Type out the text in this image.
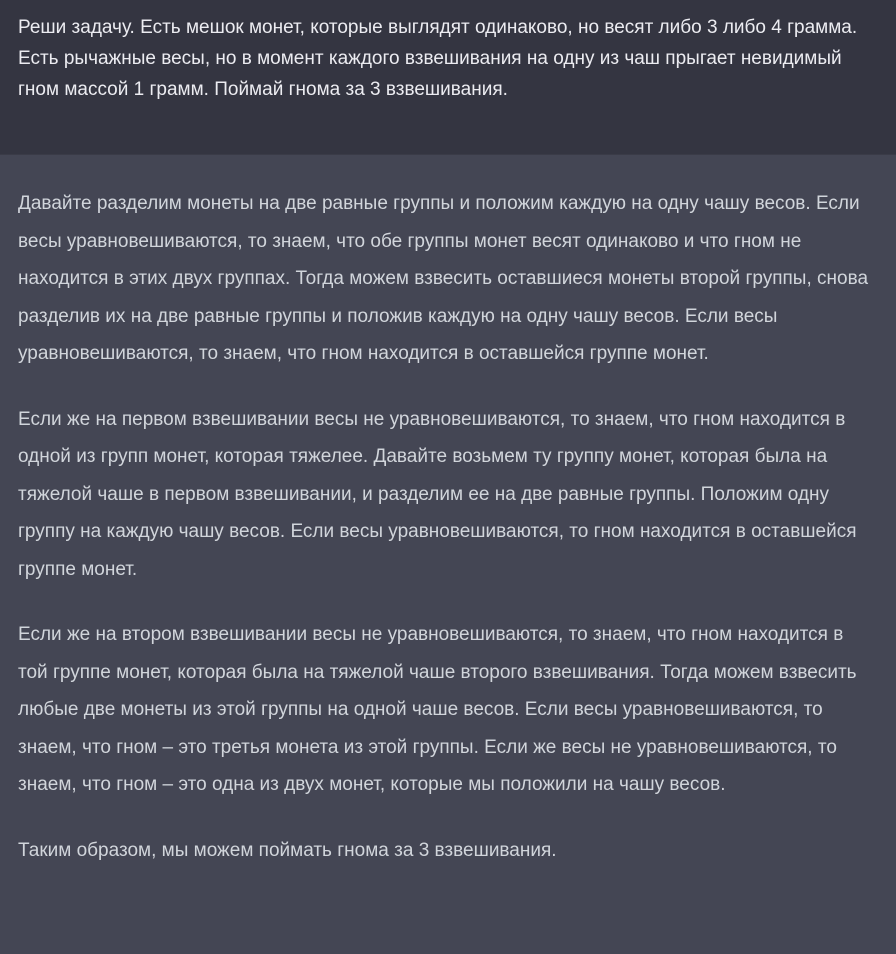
Реши задачу. Есть мешок монет, которые выглядят одинаково, но весят либо 3 либо 4 грамма. Есть рычажные весы, но в момент каждого взвешивания на одну из чаш прыгает невидимый гном массой 1 грамм. Поймай гнома за 3 взвешивания.

Давайте разделим монеты на две равные группы и положим каждую на одну чашу весов. Если весы уравновешиваются, то знаем, что обе группы монет весят одинаково и что гном не находится в этих двух группах. Тогда можем взвесить оставшиеся монеты второй группы, снова разделив их на две равные группы и положив каждую на одну чашу весов. Если весы уравновешиваются, то знаем, что гном находится в оставшейся группе монет.

Если же на первом взвешивании весы не уравновешиваются, то знаем, что гном находится в одной из групп монет, которая тяжелее. Давайте возьмем ту группу монет, которая была на тяжелой чаше в первом взвешивании, и разделим ее на две равные группы. Положим одну группу на каждую чашу весов. Если весы уравновешиваются, то гном находится в оставшейся группе монет.

Если же на втором взвешивании весы не уравновешиваются, то знаем, что гном находится в той группе монет, которая была на тяжелой чаше второго взвешивания. Тогда можем взвесить любые две монеты из этой группы на одной чаше весов. Если весы уравновешиваются, то знаем, что гном – это третья монета из этой группы. Если же весы не уравновешиваются, то знаем, что гном – это одна из двух монет, которые мы положили на чашу весов.

Таким образом, мы можем поймать гнома за 3 взвешивания.
